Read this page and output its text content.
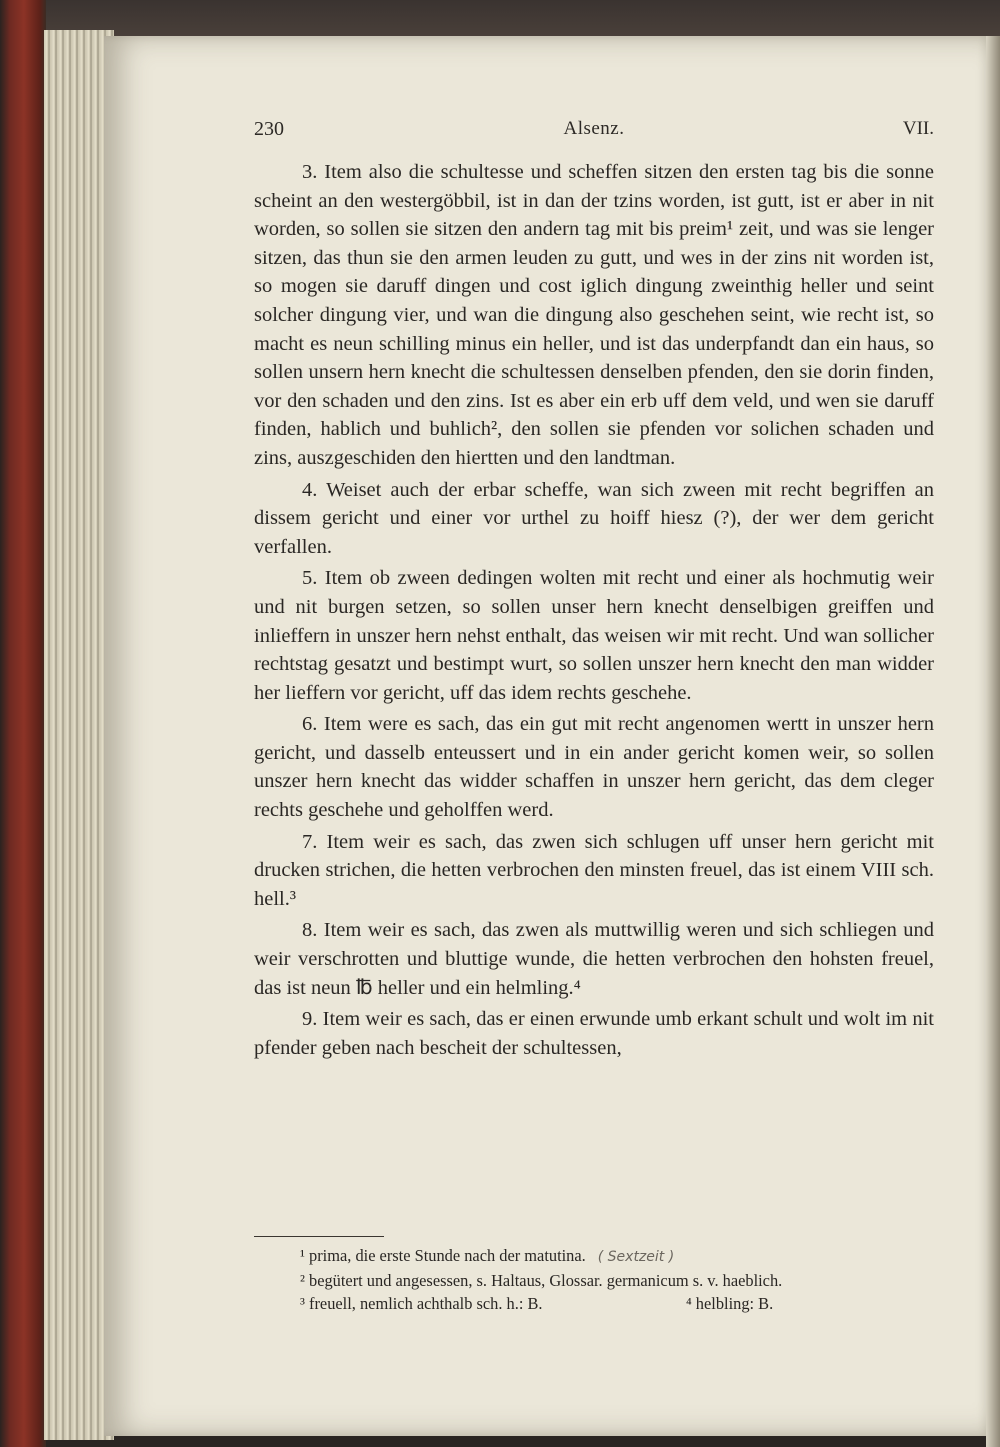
230	Alsenz.	VII.

3. Item also die schultesse und scheffen sitzen den ersten tag bis die sonne scheint an den westergöbbil, ist in dan der tzins worden, ist gutt, ist er aber in nit worden, so sollen sie sitzen den andern tag mit bis preim¹ zeit, und was sie lenger sitzen, das thun sie den armen leuden zu gutt, und wes in der zins nit worden ist, so mogen sie daruff dingen und cost iglich dingung zweinthig heller und seint solcher dingung vier, und wan die dingung also geschehen seint, wie recht ist, so macht es neun schilling minus ein heller, und ist das underpfandt dan ein haus, so sollen unsern hern knecht die schultessen denselben pfenden, den sie dorin finden, vor den schaden und den zins. Ist es aber ein erb uff dem veld, und wen sie daruff finden, hablich und buhlich², den sollen sie pfenden vor solichen schaden und zins, auszgeschiden den hiertten und den landtman.

4. Weiset auch der erbar scheffe, wan sich zween mit recht begriffen an dissem gericht und einer vor urthel zu hoiff hiesz (?), der wer dem gericht verfallen.

5. Item ob zween dedingen wolten mit recht und einer als hochmutig weir und nit burgen setzen, so sollen unser hern knecht denselbigen greiffen und inlieffern in unszer hern nehst enthalt, das weisen wir mit recht. Und wan sollicher rechtstag gesatzt und bestimpt wurt, so sollen unszer hern knecht den man widder her lieffern vor gericht, uff das idem rechts geschehe.

6. Item were es sach, das ein gut mit recht angenomen wertt in unszer hern gericht, und dasselb enteussert und in ein ander gericht komen weir, so sollen unszer hern knecht das widder schaffen in unszer hern gericht, das dem cleger rechts geschehe und geholffen werd.

7. Item weir es sach, das zwen sich schlugen uff unser hern gericht mit drucken strichen, die hetten verbrochen den minsten freuel, das ist einem VIII sch. hell.³

8. Item weir es sach, das zwen als muttwillig weren und sich schliegen und weir verschrotten und bluttige wunde, die hetten verbrochen den hohsten freuel, das ist neun ℔ heller und ein helmling.⁴

9. Item weir es sach, das er einen erwunde umb erkant schult und wolt im nit pfender geben nach bescheit der schultessen,

¹ prima, die erste Stunde nach der matutina. ( Sextzeit )
² begütert und angesessen, s. Haltaus, Glossar. germanicum s. v. haeblich.
³ freuell, nemlich achthalb sch. h.: B.	⁴ helbling: B.
